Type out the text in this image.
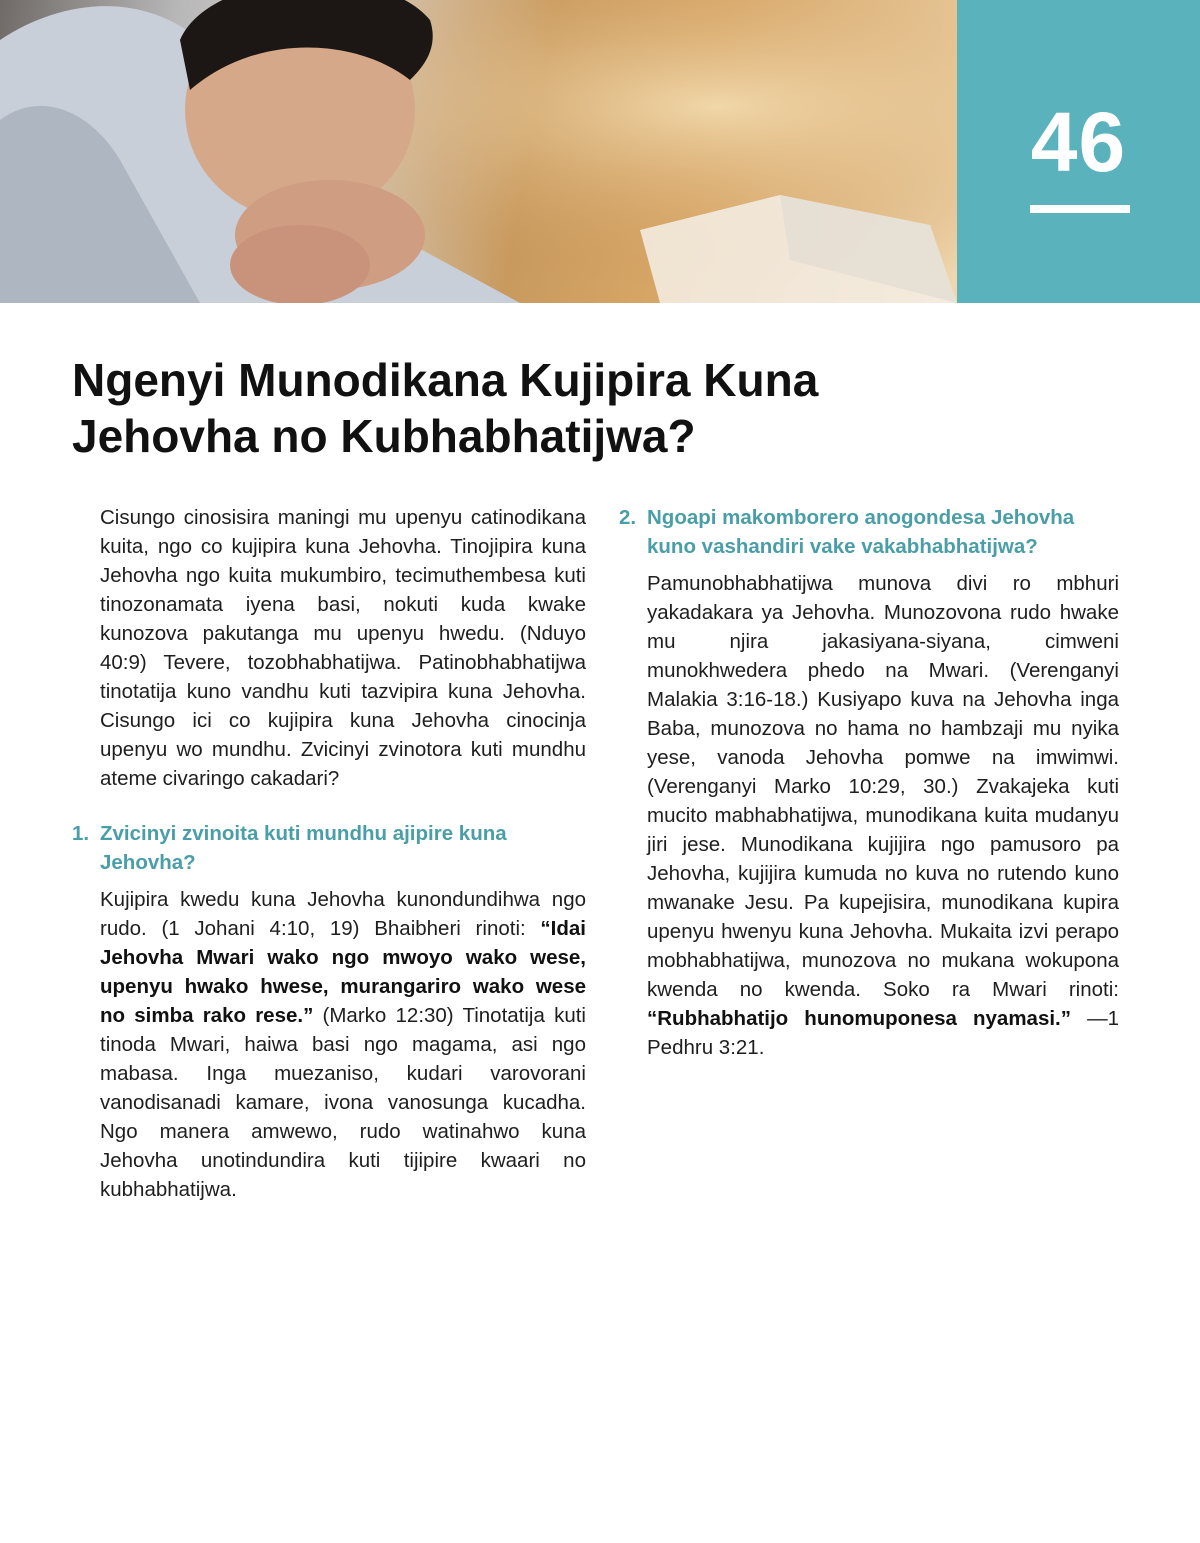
46
Ngenyi Munodikana Kujipira Kuna
Jehovha no Kubhabhatijwa?

Cisungo cinosisira maningi mu upenyu catinodikana kuita, ngo co kujipira kuna Jehovha. Tinojipira kuna Jehovha ngo kuita mukumbiro, tecimuthembesa kuti tinozonamata iyena basi, nokuti kuda kwake kunozova pakutanga mu upenyu hwedu. (Nduyo 40:9) Tevere, tozobhabhatijwa. Patinobhabhatijwa tinotatija kuno vandhu kuti tazvipira kuna Jehovha. Cisungo ici co kujipira kuna Jehovha cinocinja upenyu wo mundhu. Zvicinyi zvinotora kuti mundhu ateme civaringo cakadari?

1. Zvicinyi zvinoita kuti mundhu ajipire kuna Jehovha?

Kujipira kwedu kuna Jehovha kunondundihwa ngo rudo. (1 Johani 4:10, 19) Bhaibheri rinoti: “Idai Jehovha Mwari wako ngo mwoyo wako wese, upenyu hwako hwese, murangariro wako wese no simba rako rese.” (Marko 12:30) Tinotatija kuti tinoda Mwari, haiwa basi ngo magama, asi ngo mabasa. Inga muezaniso, kudari varovorani vanodisanadi kamare, ivona vanosunga kucadha. Ngo manera amwewo, rudo watinahwo kuna Jehovha unotindundira kuti tijipire kwaari no kubhabhatijwa.

2. Ngoapi makomborero anogondesa Jehovha kuno vashandiri vake vakabhabhatijwa?

Pamunobhabhatijwa munova divi ro mbhuri yakadakara ya Jehovha. Munozovona rudo hwake mu njira jakasiyana-siyana, cimweni munokhwedera phedo na Mwari. (Verenganyi Malakia 3:16-18.) Kusiyapo kuva na Jehovha inga Baba, munozova no hama no hambzaji mu nyika yese, vanoda Jehovha pomwe na imwimwi. (Verenganyi Marko 10:29, 30.) Zvakajeka kuti mucito mabhabhatijwa, munodikana kuita mudanyu jiri jese. Munodikana kujijira ngo pamusoro pa Jehovha, kujijira kumuda no kuva no rutendo kuno mwanake Jesu. Pa kupejisira, munodikana kupira upenyu hwenyu kuna Jehovha. Mukaita izvi perapo mobhabhatijwa, munozova no mukana wokupona kwenda no kwenda. Soko ra Mwari rinoti: “Rubhabhatijo hunomuponesa nyamasi.” —1 Pedhru 3:21.
